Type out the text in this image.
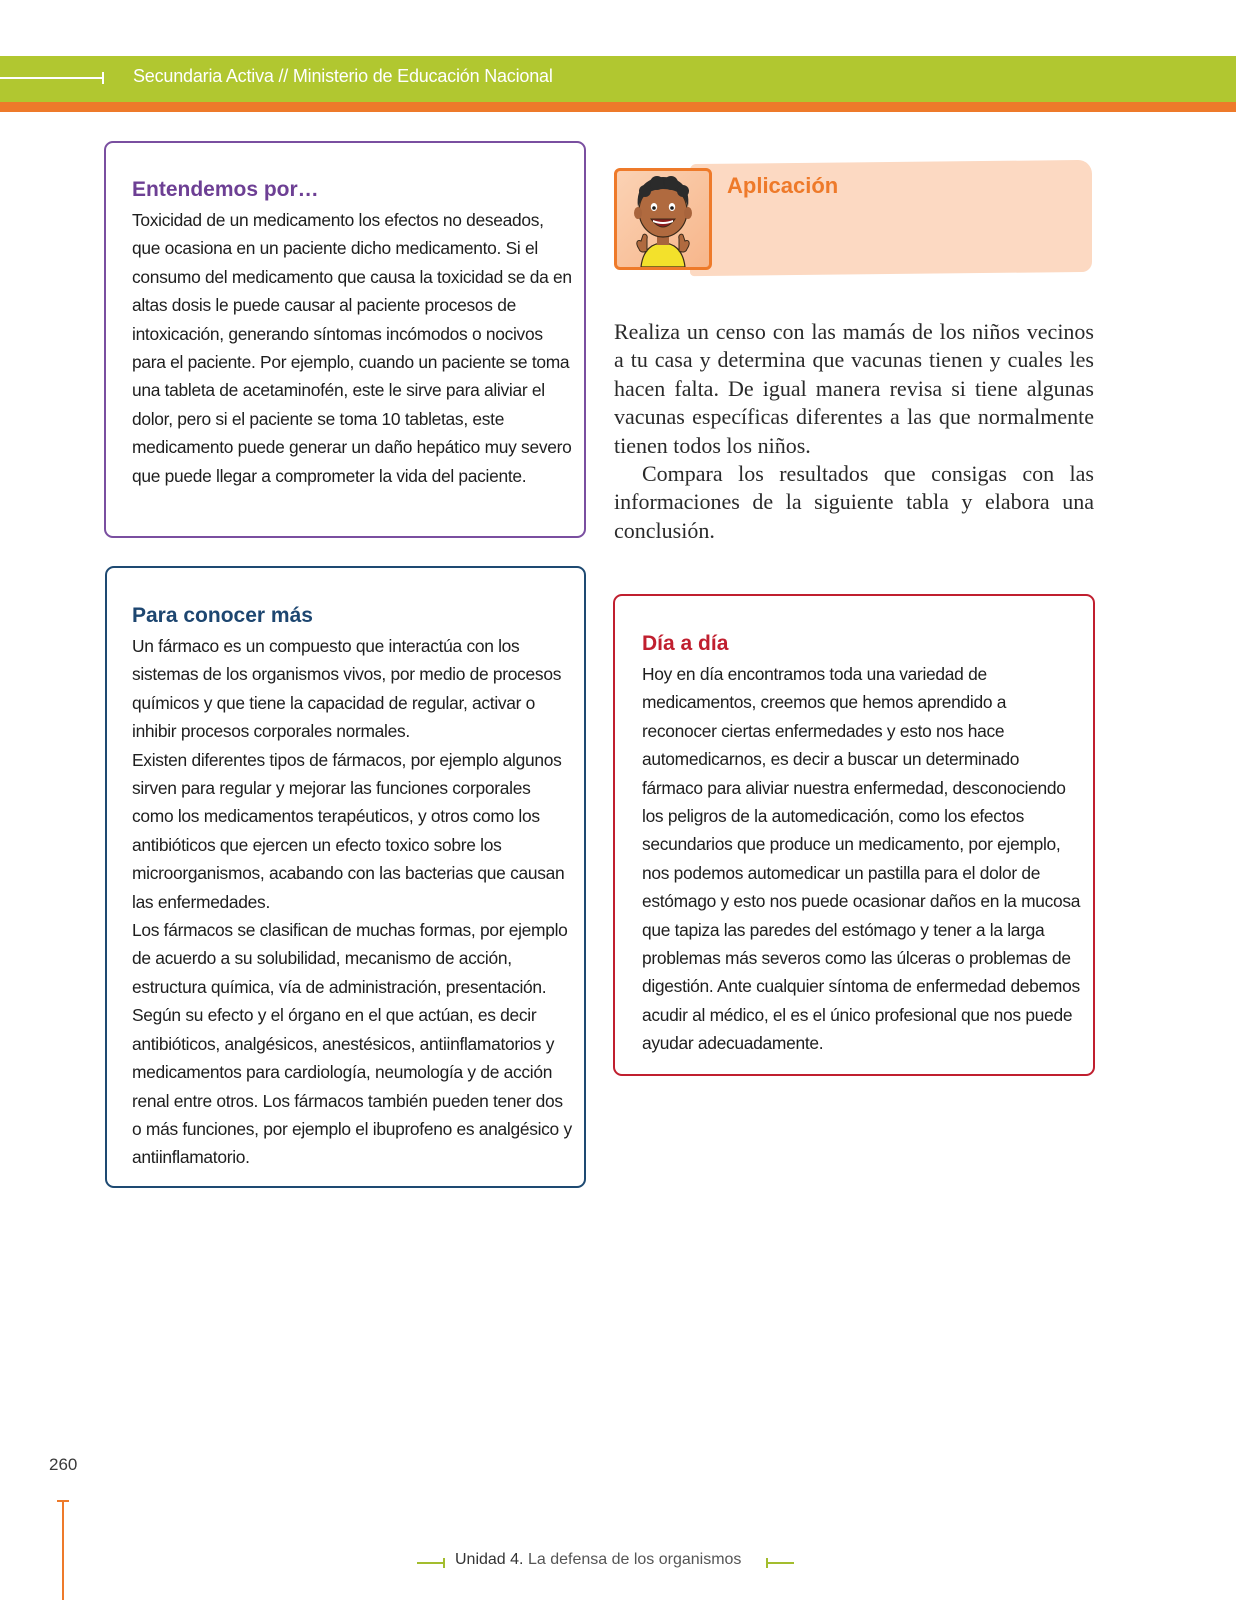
Secundaria Activa // Ministerio de Educación Nacional
Entendemos por…

Toxicidad de un medicamento los efectos no deseados, que ocasiona en un paciente dicho medicamento. Si el consumo del medicamento que causa la toxicidad se da en altas dosis le puede causar al paciente procesos de intoxicación, generando síntomas incómodos o nocivos para el paciente. Por ejemplo, cuando un paciente se toma una tableta de acetaminofén, este le sirve para aliviar el dolor, pero si el paciente se toma 10 tabletas, este medicamento puede generar un daño hepático muy severo que puede llegar a comprometer la vida del paciente.

Aplicación

Realiza un censo con las mamás de los niños vecinos a tu casa y determina que vacunas tienen y cuales les hacen falta. De igual manera revisa si tiene algunas vacunas específicas diferentes a las que normalmente tienen todos los niños.

Compara los resultados que consigas con las informaciones de la siguiente tabla y elabora una conclusión.

Para conocer más

Un fármaco es un compuesto que interactúa con los sistemas de los organismos vivos, por medio de procesos químicos y que tiene la capacidad de regular, activar o inhibir procesos corporales normales.

Existen diferentes tipos de fármacos, por ejemplo algunos sirven para regular y mejorar las funciones corporales como los medicamentos terapéuticos, y otros como los antibióticos que ejercen un efecto toxico sobre los microorganismos, acabando con las bacterias que causan las enfermedades.

Los fármacos se clasifican de muchas formas, por ejemplo de acuerdo a su solubilidad, mecanismo de acción, estructura química, vía de administración, presentación. Según su efecto y el órgano en el que actúan, es decir antibióticos, analgésicos, anestésicos, antiinflamatorios y medicamentos para cardiología, neumología y de acción renal entre otros. Los fármacos también pueden tener dos o más funciones, por ejemplo el ibuprofeno es analgésico y antiinflamatorio.

Día a día

Hoy en día encontramos toda una variedad de medicamentos, creemos que hemos aprendido a reconocer ciertas enfermedades y esto nos hace automedicarnos, es decir a buscar un determinado fármaco para aliviar nuestra enfermedad, desconociendo los peligros de la automedicación, como los efectos secundarios que produce un medicamento, por ejemplo, nos podemos automedicar un pastilla para el dolor de estómago y esto nos puede ocasionar daños en la mucosa que tapiza las paredes del estómago y tener a la larga problemas más severos como las úlceras o problemas de digestión. Ante cualquier síntoma de enfermedad debemos acudir al médico, el es el único profesional que nos puede ayudar adecuadamente.

260
Unidad 4. La defensa de los organismos
